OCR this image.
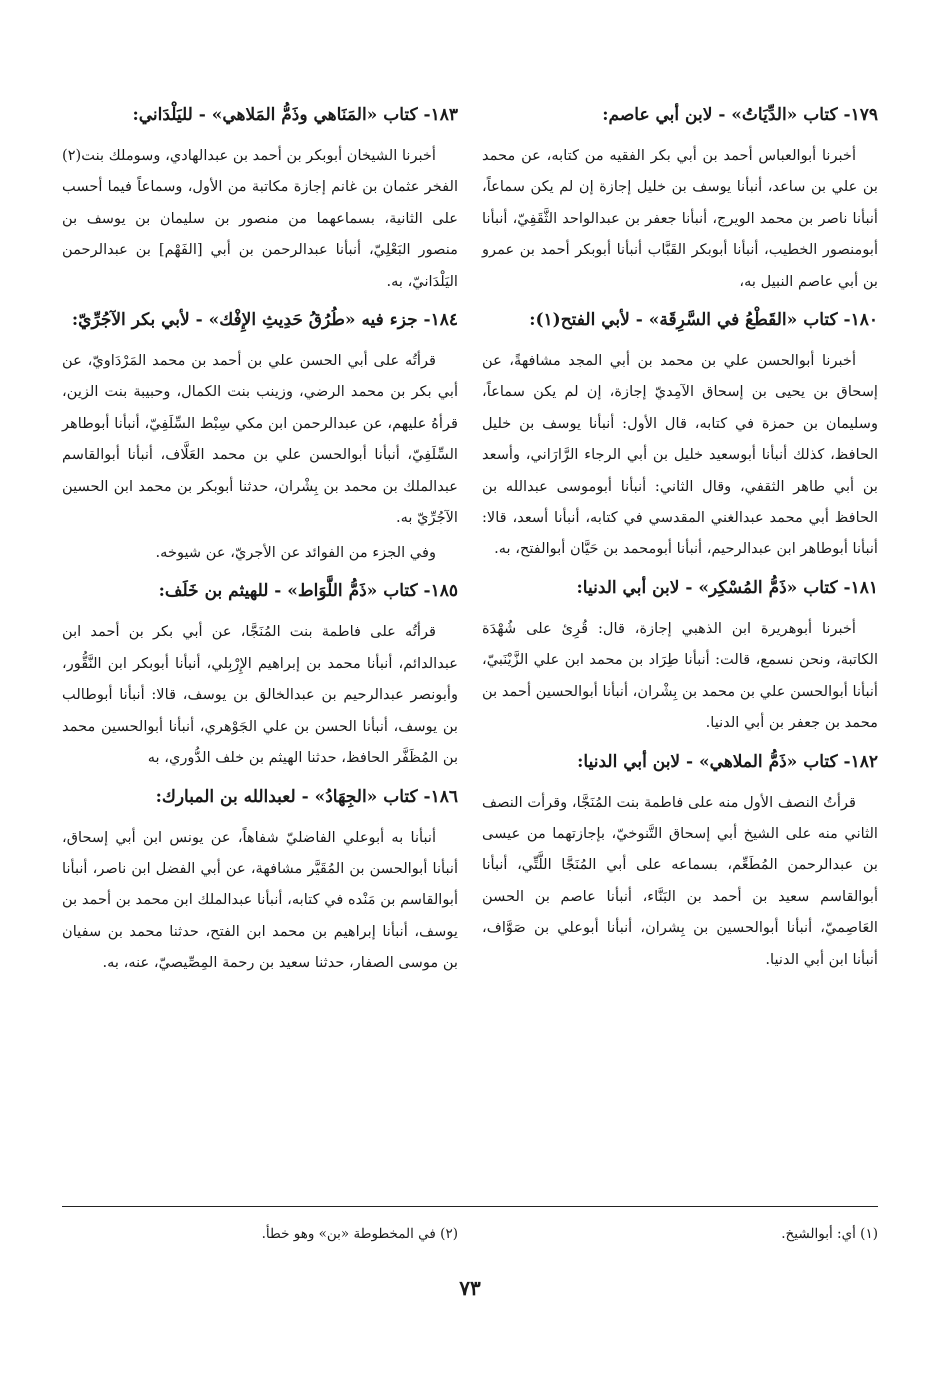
١٧٩- كتاب «الدِّيَاتُ» - لابن أبي عاصم:

أخبرنا أبوالعباس أحمد بن أبي بكر الفقيه من كتابه، عن محمد بن علي بن ساعد، أنبأنا يوسف بن خليل إجازة إن لم يكن سماعاً، أنبأنا ناصر بن محمد الويرج، أنبأنا جعفر بن عبدالواحد الثَّقَفِيّ، أنبأنا أبومنصور الخطيب، أنبأنا أبوبكر القَبَّاب أنبأنا أبوبكر أحمد بن عمرو بن أبي عاصم النبيل به،

١٨٠- كتاب «القَطْعُ في السَّرِقَة» - لأبي الفتح(١):

أخبرنا أبوالحسن علي بن محمد بن أبي المجد مشافهةً، عن إسحاق بن يحيى بن إسحاق الآمِديّ إجازة، إن لم يكن سماعاً، وسليمان بن حمزة في كتابه، قال الأول: أنبأنا يوسف بن خليل الحافظ، كذلك أنبأنا أبوسعيد خليل بن أبي الرجاء الرَّارَاني، وأسعد بن أبي طاهر الثقفي، وقال الثاني: أنبأنا أبوموسى عبدالله بن الحافظ أبي محمد عبدالغني المقدسي في كتابه، أنبأنا أسعد، قالا: أنبأنا أبوطاهر ابن عبدالرحيم، أنبأنا أبومحمد بن حَيَّان أبوالفتح، به.

١٨١- كتاب «ذَمُّ المُسْكِر» - لابن أبي الدنيا:

أخبرنا أبوهريرة ابن الذهبي إجازة، قال: قُرِئ على شُهْدَة الكاتبة، ونحن نسمع، قالت: أنبأنا طِرَاد بن محمد ابن علي الزَّيْنَبيّ، أنبأنا أبوالحسن علي بن محمد بن بِشْران، أنبأنا أبوالحسين أحمد بن محمد بن جعفر بن أبي الدنيا.

١٨٢- كتاب «ذَمُّ الملاهي» - لابن أبي الدنيا:

قرأتُ النصف الأول منه على فاطمة بنت المُنَجَّا، وقرأت النصف الثاني منه على الشيخ أبي إسحاق التَّنوخيّ، بإجازتهما من عيسى بن عبدالرحمن المُطَعِّم، بسماعه على أبي المُنَجَّا اللَّتِّي، أنبأنا أبوالقاسم سعيد بن أحمد بن البَنَّاء، أنبأنا عاصم بن الحسن العَاصِميّ، أنبأنا أبوالحسين بن بِشران، أنبأنا أبوعلي بن صَوَّاف، أنبأنا ابن أبي الدنيا.

١٨٣- كتاب «المَنَاهي وذَمُّ المَلاهي» - لليَلْدَاني:

أخبرنا الشيخان أبوبكر بن أحمد بن عبدالهادي، وسوملك بنت(٢) الفخر عثمان بن غانم إجازة مكاتبة من الأول، وسماعاً فيما أحسب على الثانية، بسماعهما من منصور بن سليمان بن يوسف بن منصور البَعْلِيّ، أنبأنا عبدالرحمن بن أبي [الفَهْم] بن عبدالرحمن اليَلْدَانيّ، به.

١٨٤- جزء فيه «طُرُقُ حَدِيثِ الإِفْك» - لأبي بكر الآجُرِّيّ:

قرأتُه على أبي الحسن علي بن أحمد بن محمد المَرْدَاويّ، عن أبي بكر بن محمد الرضي، وزينب بنت الكمال، وحبيبة بنت الزين، قرأهُ عليهم، عن عبدالرحمن ابن مكي سِبْط السِّلَفِيّ، أنبأنا أبوطاهر السِّلَفِيّ، أنبأنا أبوالحسن علي بن محمد العَلَّاف، أنبأنا أبوالقاسم عبدالملك بن محمد بن بِشْران، حدثنا أبوبكر بن محمد ابن الحسين الآجُرِّيّ به.

وفي الجزء من الفوائد عن الأجريّ، عن شيوخه.

١٨٥- كتاب «ذَمُّ اللَّوَاط» - للهيثم بن خَلَف:

قرأتُه على فاطمة بنت المُنَجَّا، عن أبي بكر بن أحمد ابن عبدالدائم، أنبأنا محمد بن إبراهيم الإِرْبِلي، أنبأنا أبوبكر ابن النَّقُّور، وأبونصر عبدالرحيم بن عبدالخالق بن يوسف، قالا: أنبأنا أبوطالب بن يوسف، أنبأنا الحسن بن علي الجَوْهري، أنبأنا أبوالحسين محمد بن المُظَفَّر الحافظ، حدثنا الهيثم بن خلف الدُّوري، به

١٨٦- كتاب «الجِهَادُ» - لعبدالله بن المبارك:

أنبأنا به أبوعلي الفاضليّ شفاهاً، عن يونس ابن أبي إسحاق، أنبأنا أبوالحسن بن المُقَيَّر مشافهة، عن أبي الفضل ابن ناصر، أنبأنا أبوالقاسم بن مَنْده في كتابه، أنبأنا عبدالملك ابن محمد بن أحمد بن يوسف، أنبأنا إبراهيم بن محمد ابن الفتح، حدثنا محمد بن سفيان بن موسى الصفار، حدثنا سعيد بن رحمة المِصِّيصيّ، عنه، به.

(١) أي: أبوالشيخ.
(٢) في المخطوطة «بن» وهو خطأ.
٧٣
